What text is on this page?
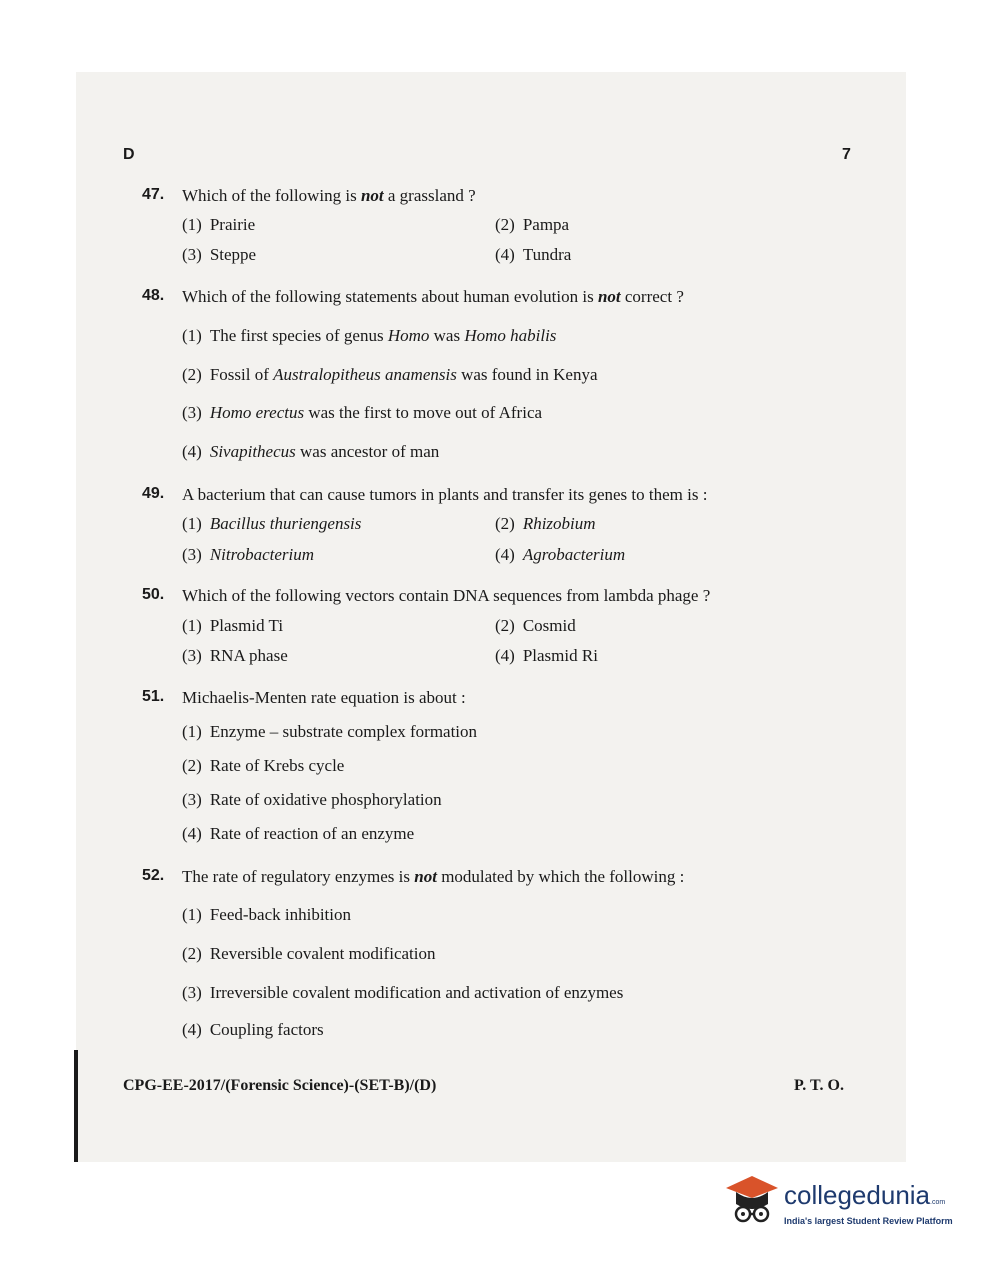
D	7
47. Which of the following is not a grassland ?
(1) Prairie	(2) Pampa
(3) Steppe	(4) Tundra
48. Which of the following statements about human evolution is not correct ?
(1) The first species of genus Homo was Homo habilis
(2) Fossil of Australopitheus anamensis was found in Kenya
(3) Homo erectus was the first to move out of Africa
(4) Sivapithecus was ancestor of man
49. A bacterium that can cause tumors in plants and transfer its genes to them is :
(1) Bacillus thuriengensis	(2) Rhizobium
(3) Nitrobacterium	(4) Agrobacterium
50. Which of the following vectors contain DNA sequences from lambda phage ?
(1) Plasmid Ti	(2) Cosmid
(3) RNA phase	(4) Plasmid Ri
51. Michaelis-Menten rate equation is about :
(1) Enzyme – substrate complex formation
(2) Rate of Krebs cycle
(3) Rate of oxidative phosphorylation
(4) Rate of reaction of an enzyme
52. The rate of regulatory enzymes is not modulated by which the following :
(1) Feed-back inhibition
(2) Reversible covalent modification
(3) Irreversible covalent modification and activation of enzymes
(4) Coupling factors
CPG-EE-2017/(Forensic Science)-(SET-B)/(D)	P. T. O.
collegedunia.com
India's largest Student Review Platform
